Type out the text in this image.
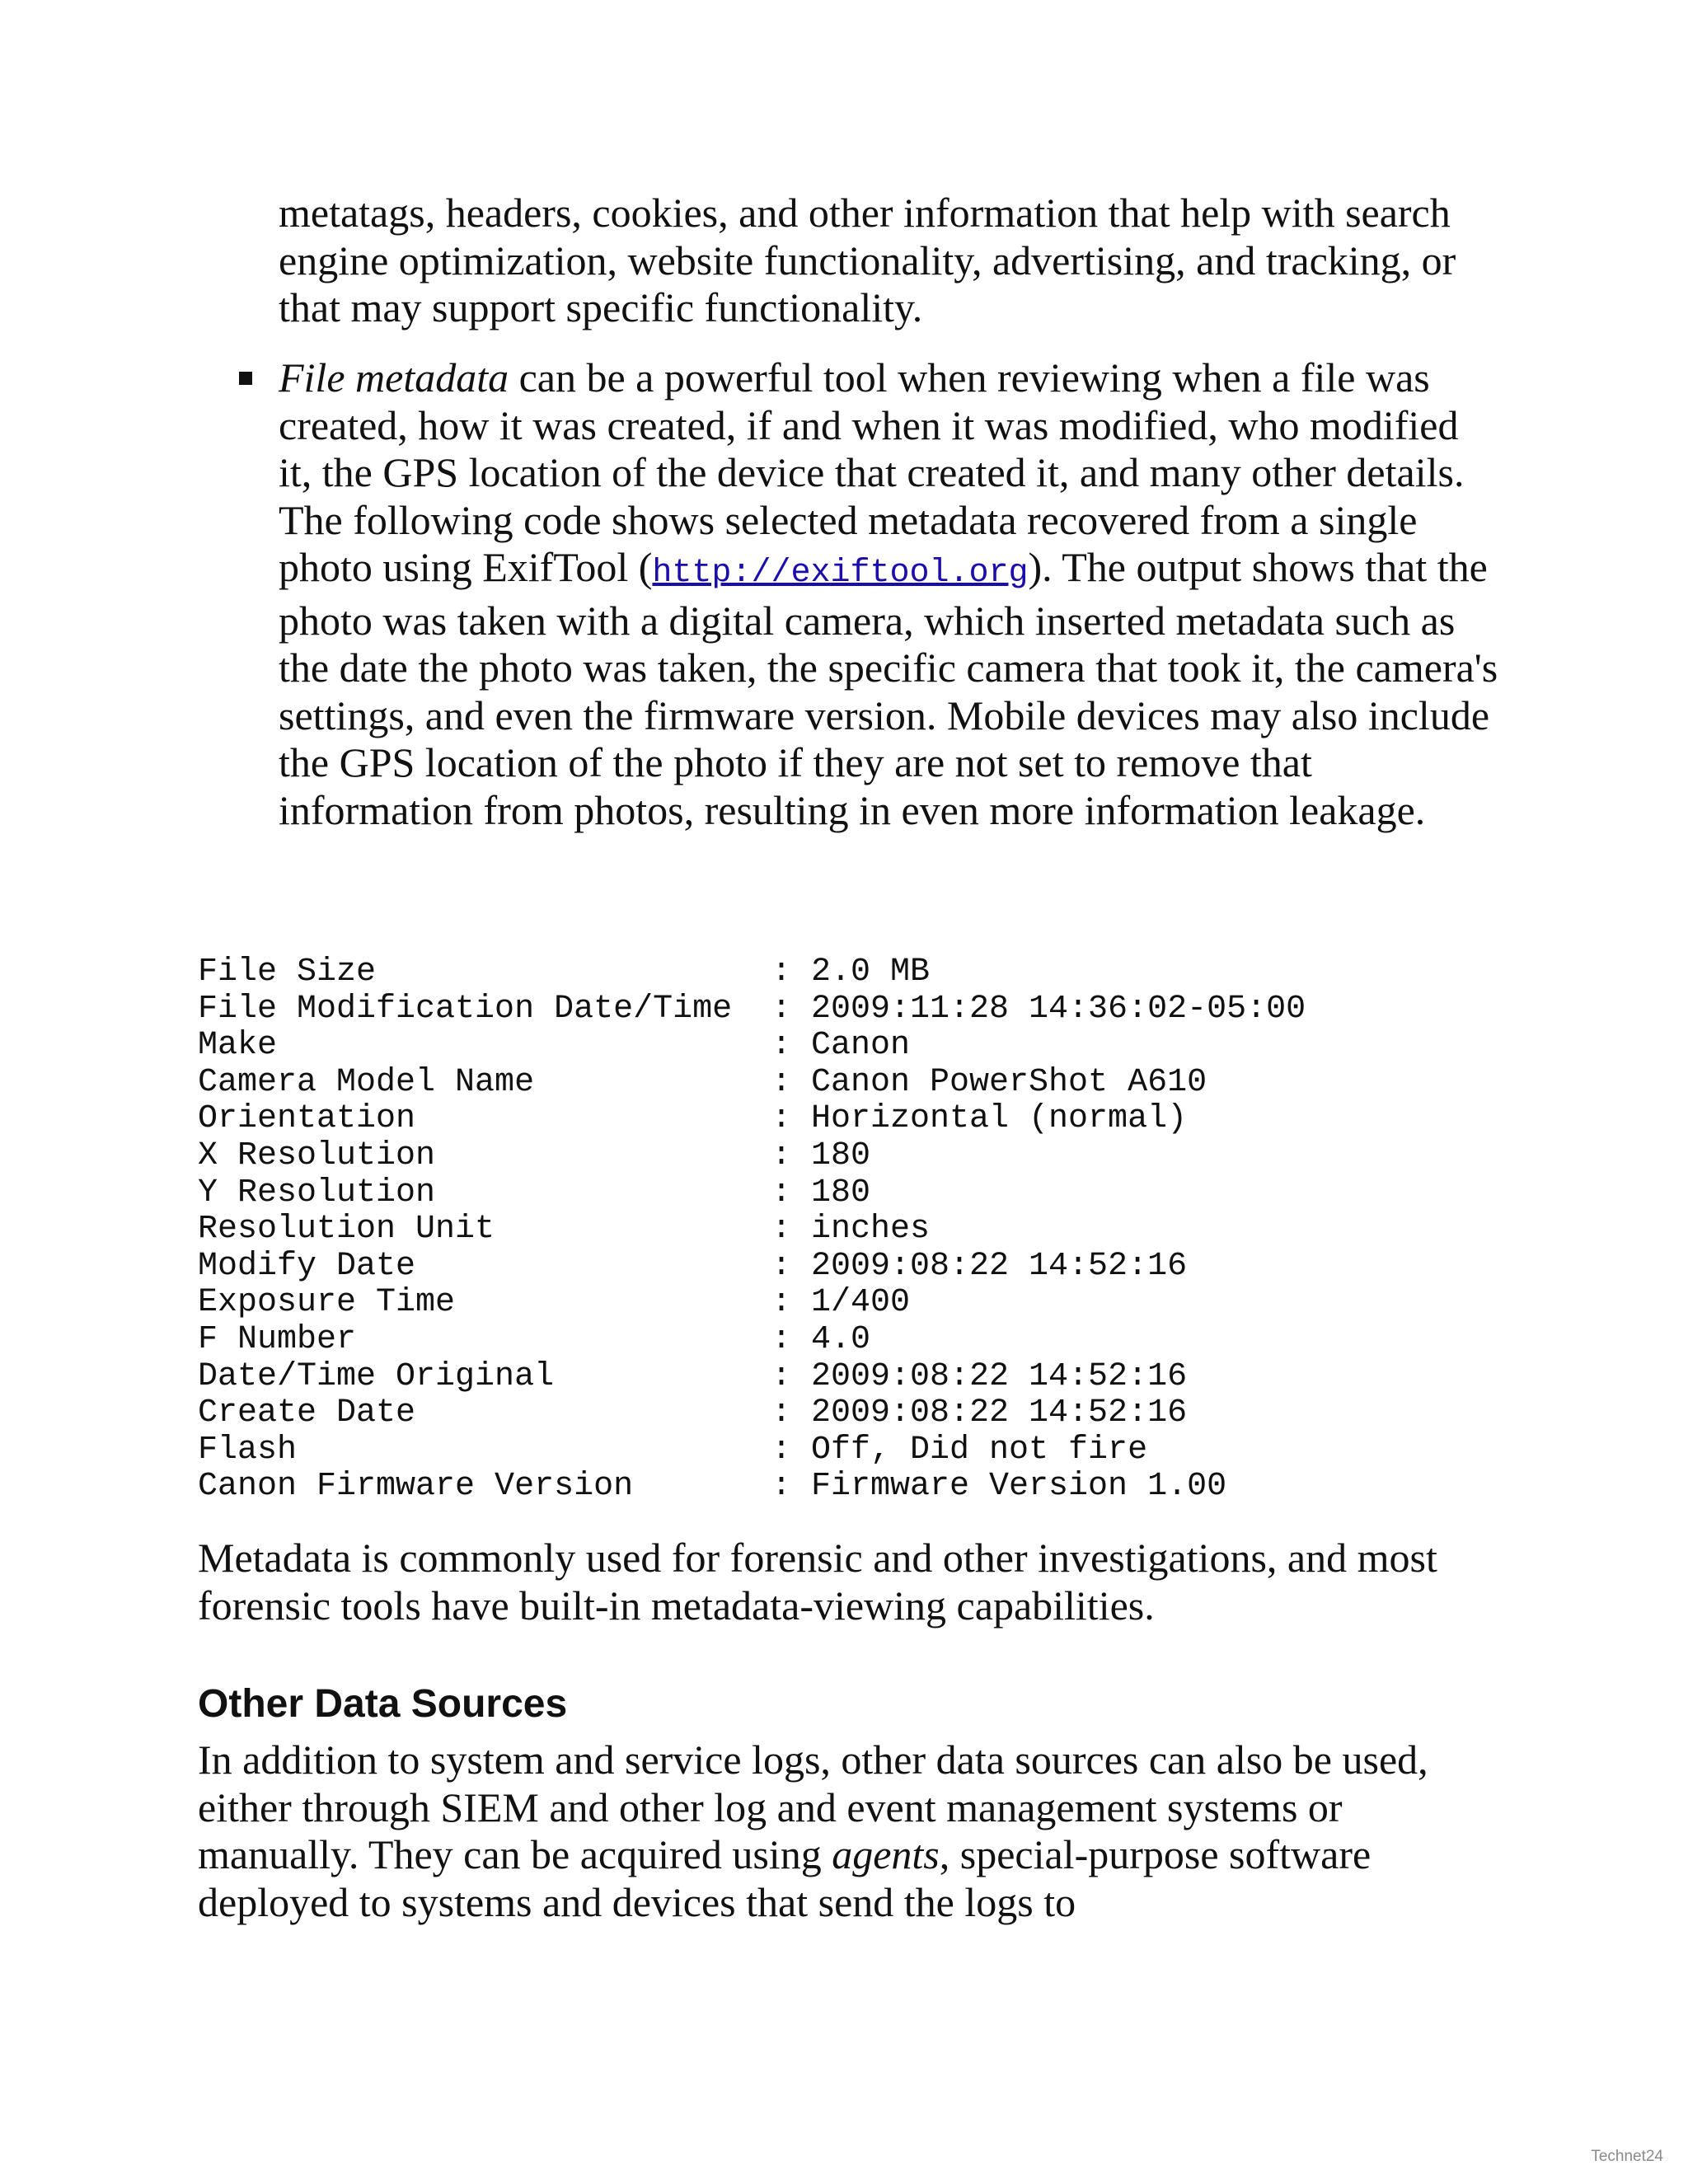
metatags, headers, cookies, and other information that help with search engine optimization, website functionality, advertising, and tracking, or that may support specific functionality.

File metadata can be a powerful tool when reviewing when a file was created, how it was created, if and when it was modified, who modified it, the GPS location of the device that created it, and many other details. The following code shows selected metadata recovered from a single photo using ExifTool (http://exiftool.org). The output shows that the photo was taken with a digital camera, which inserted metadata such as the date the photo was taken, the specific camera that took it, the camera's settings, and even the firmware version. Mobile devices may also include the GPS location of the photo if they are not set to remove that information from photos, resulting in even more information leakage.

File Size	: 2.0 MB
File Modification Date/Time	: 2009:11:28 14:36:02-05:00
Make	: Canon
Camera Model Name	: Canon PowerShot A610
Orientation	: Horizontal (normal)
X Resolution	: 180
Y Resolution	: 180
Resolution Unit	: inches
Modify Date	: 2009:08:22 14:52:16
Exposure Time	: 1/400
F Number	: 4.0
Date/Time Original	: 2009:08:22 14:52:16
Create Date	: 2009:08:22 14:52:16
Flash	: Off, Did not fire
Canon Firmware Version	: Firmware Version 1.00

Metadata is commonly used for forensic and other investigations, and most forensic tools have built-in metadata-viewing capabilities.

Other Data Sources

In addition to system and service logs, other data sources can also be used, either through SIEM and other log and event management systems or manually. They can be acquired using agents, special-purpose software deployed to systems and devices that send the logs to

Technet24
